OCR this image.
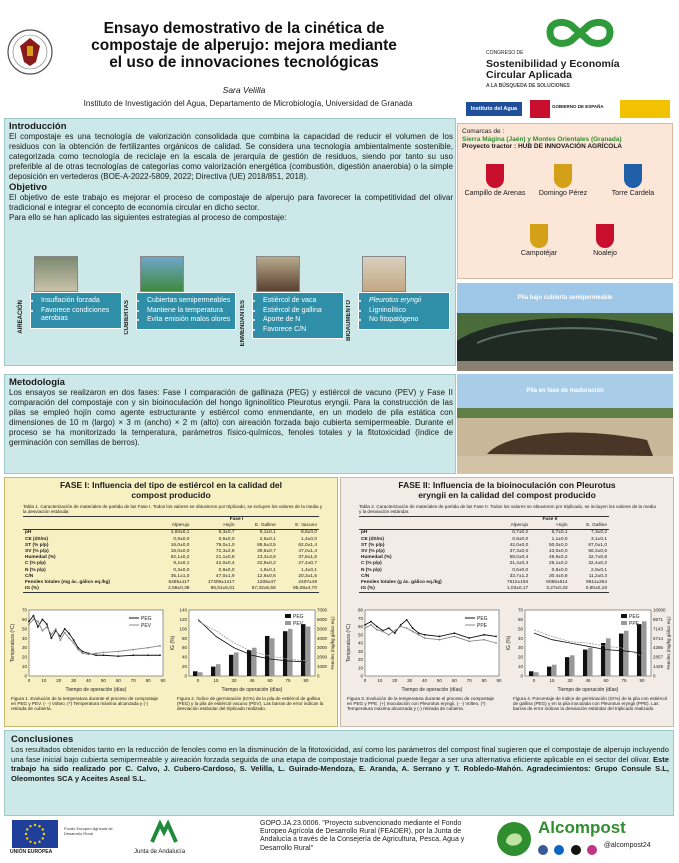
Ensayo demostrativo de la cinética de
compostaje de alperujo: mejora mediante
el uso de innovaciones tecnológicas
Sara Velilla
Instituto de Investigación del Agua, Departamento de Microbiología, Universidad de Granada
CONGRESO DE
Sostenibilidad y Economía
Circular Aplicada
A LA BÚSQUEDA DE SOLUCIONES
Instituto del Agua	GOBIERNO DE ESPAÑA
Introducción
El compostaje es una tecnología de valorización consolidada que combina la capacidad de reducir el volumen de los residuos con la obtención de fertilizantes orgánicos de calidad. Se considera una tecnología ambientalmente sostenible, categorizada como tecnología de reciclaje en la escala de jerarquía de gestión de residuos, siendo por tanto su uso preferible al de otras tecnologías de categorías como valorización energética (combustión, digestión anaerobia) o la simple deposición en vertederos (BOE-A-2022-5809, 2022; Directiva (UE) 2018/851, 2018).
Objetivo
El objetivo de este trabajo es mejorar el proceso de compostaje de alperujo para favorecer la competitividad del olivar tradicional e integrar el concepto de economía circular en dicho sector.
Para ello se han aplicado las siguientes estrategias al proceso de compostaje:
AIREACIÓN	• Insuflación forzada
• Favorece condiciones aerobias	CUBIERTAS	• Cubiertas semipermeables
• Mantiene la temperatura
• Evita emisión malos olores ENMENDANTES	• Estiércol de vaca
• Estiércol de gallina
• Aporte de N
• Favorece C/N	BIOAUMENTO	• Pleurotus eryngii
• Ligninolítico
• No fitopatógeno
Comarcas de :
Sierra Mágina (Jaén) y Montes Orientales (Granada)
Proyecto tractor : HUB DE INNOVACIÓN AGRÍCOLA
Campillo de Arenas	Domingo Pérez	Torre Cardela
Campotéjar	Noalejo
Pila bajo cubierta semipermeable
Pila en fase de maduración
Metodología
Los ensayos se realizaron en dos fases: Fase I comparación de gallinaza (PEG) y estiércol de vacuno (PEV) y Fase II comparación del compostaje con y sin bioinoculación del hongo ligninolítico Pleurotus eryngii. Para la construcción de las pilas se empleó hojín como agente estructurante y estiércol como enmendante, en un modelo de pila estática con dimensiones de 10 m (largo) × 3 m (ancho) × 2 m (alto) con aireación forzada bajo cubierta semipermeable. Durante el proceso se ha monitorizado la temperatura, parámetros físico-químicos, fenoles totales y la fitotoxicidad (índice de germinación con semillas de berros).
FASE I: Influencia del tipo de estiércol en la calidad del
compost producido
Tabla 1. Caracterización de materiales de partida de las Fase I. Todos los valores se obtuvieron por triplicado, se incluyen los valores de la media y la desviación estándar.
	Fase I			
	Alperujo	Hojín	E. Galline	E. Vacuno
pH	4,93±0,1	6,3±0,7	9,1±0,1	8,6±0,0
CE (dS/m)	0,9±0,0	0,6±0,0	2,5±0,1	1,4±0,0
ST (% p/p)	16,0±0,0	79,0±1,0	86,5±3,5	62,0±1,4
SV (% p/p)	16,0±0,0	72,3±2,8	39,5±0,7	47,0±1,4
Humedad (%)	62,1±0,2	21,1±0,8	13,3±3,5	37,8±1,6
C (% p/p)	9,2±0,1	42,0±0,4	22,9±0,2	27,4±0,7
N (% p/p)	0,3±0,0	0,9±0,0	1,9±0,1	1,4±0,1
C/N	35,1±1,0	47,0±1,9	12,9±0,6	20,3±1,5
Fenoles totales (mg ác. gálico eq./kg)	5485±117	17409±1417	1206±47	2407±49
IG (%)	2,58±0,38	96,61±5,01	57,32±5,58	95,08±4,70
0
10
20
30
40
50
60
70
0 10 20 30 40 50 60 70 80 90
Tiempo de operación (días)
Temperatura (ºC)
PEG
PEV
0	0
20	1000
40	2000
60	3000
80	4000
100	5000
120	6000
140	7000
0	15	30	45	60	75	90
PEG
PEV
Tiempo de operación (días)
IG (%)	Fenoles (mg/kg gálico eq.)
Figura 1. Evolución de la temperatura durante el proceso de compostaje en PEG y PEV. (- -) Volteo, (*) Temperatura máxima alcanzada y (-) retirada de cubierta.
Figura 2. Índice de germinación (IG%) de la pila de estiércol de gallina (PEG) y la pila de estiércol vacuno (PEV). Las barras de error indican la desviación estándar del triplicado realizado.
FASE II: Influencia de la bioinoculación con Pleurotus
eryngii en la calidad del compost producido
Tabla 2. Caracterización de materiales de partida de las Fase II. Todos los valores se obtuvieron por triplicado, se incluyen los valores de la media y la desviación estándar.
	Fase II		
	Alperujo	Hojín	E. Galline
pH	6,7±0,2	6,7±0,1	7,3±0,2
CE (dS/m)	0,9±0,0	1,1±0,0	3,1±0,1
ST (% p/p)	42,0±0,0	50,0±0,0	87,0±1,0
SV (% p/p)	37,3±0,0	43,0±0,0	56,3±0,6
Humedad (%)	58,0±0,4	49,9±0,2	32,7±0,8
C (% p/p)	21,4±0,4	25,1±0,2	32,4±0,2
N (% p/p)	0,6±0,0	0,8±0,0	2,9±0,1
C/N	33,7±1,2	30,4±0,8	11,2±0,3
Fenoles totales (g ác. gálico eq./kg)	7512±194	6058±514	9611±264
IG (%)	1,03±0,17	3,27±0,33	0,80±0,18
0
10
20
30
40
50
60
70
80
0 10 20 30 40 50 60 70 80 90
Tiempo de operación (días)
Temperatura (ºC)
PEG
PPE
0	0
10	1429
20	2857
30	4286
40	5714
50	7143
60	8571
70	10000
0	15	30	45	60	75	90
PEG
PPE
Tiempo de operación (días)
IG (%)	Fenoles (mg/kg gálico eq.)
Figura 3. Evolución de la temperatura durante el proceso de compostaje en PEG y PPE. (+) Inoculación con Pleurotus eryngii, (- -) Volteo, (*) Temperatura máxima alcanzada y (-) retirada de cubierta.
Figura 4. Porcentaje de índice de germinación (IG%) de la pila con estiércol de gallina (PEG) y en la pila inoculada con Pleurotus eryngii (PPE). Las barras de error indican la desviación estándar del triplicado realizado.
Conclusiones
Los resultados obtenidos tanto en la reducción de fenoles como en la disminución de la fitotoxicidad, así como los parámetros del compost final sugieren que el compostaje de alperujo incluyendo una fase inicial bajo cubierta semipermeable y aireación forzada seguida de una etapa de compostaje tradicional puede llegar a ser una alternativa eficiente aplicable en el sector del olivar. Este trabajo ha sido realizado por C. Calvo, J. Cubero-Cardoso, S. Velilla, L. Guirado-Mendoza, E. Aranda, A. Serrano y T. Robledo-Mahón. Agradecimientos: Grupo Consule S.L, Oleomontes SCA y Aceites Aseal S.L.
UNIÓN EUROPEA
Fondo Europeo Agrícola de Desarrollo Rural
Junta de Andalucía
GOPO.JA.23.0006. "Proyecto subvencionado mediante el Fondo Europeo Agrícola de Desarrollo Rural (FEADER), por la Junta de Andalucía a través de la Consejería de Agricultura, Pesca, Agua y Desarrollo Rural"
Alcompost
$^{@alcompost24}$
